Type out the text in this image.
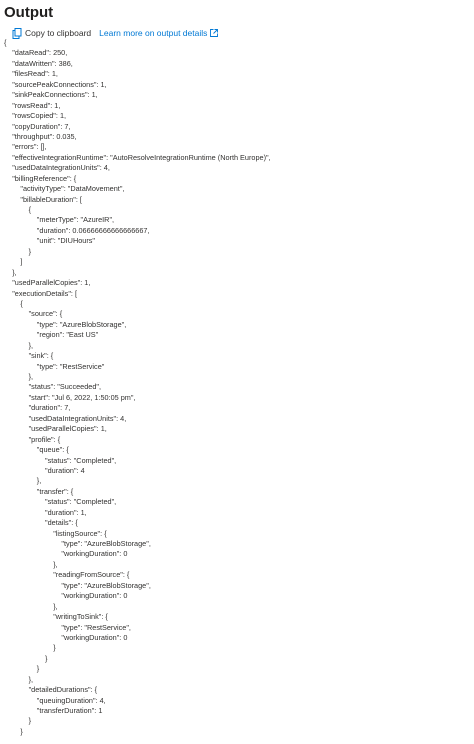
Output
Copy to clipboard Learn more on output details
{
"dataRead": 250,
"dataWritten": 386,
"filesRead": 1,
"sourcePeakConnections": 1,
"sinkPeakConnections": 1,
"rowsRead": 1,
"rowsCopied": 1,
"copyDuration": 7,
"throughput": 0.035,
"errors": [],
"effectiveIntegrationRuntime": "AutoResolveIntegrationRuntime (North Europe)",
"usedDataIntegrationUnits": 4,
"billingReference": {
"activityType": "DataMovement",
"billableDuration": [
{
"meterType": "AzureIR",
"duration": 0.06666666666666667,
"unit": "DIUHours"
}
]
},
"usedParallelCopies": 1,
"executionDetails": [
{
"source": {
"type": "AzureBlobStorage",
"region": "East US"
},
"sink": {
"type": "RestService"
},
"status": "Succeeded",
"start": "Jul 6, 2022, 1:50:05 pm",
"duration": 7,
"usedDataIntegrationUnits": 4,
"usedParallelCopies": 1,
"profile": {
"queue": {
"status": "Completed",
"duration": 4
},
"transfer": {
"status": "Completed",
"duration": 1,
"details": {
"listingSource": {
"type": "AzureBlobStorage",
"workingDuration": 0
},
"readingFromSource": {
"type": "AzureBlobStorage",
"workingDuration": 0
},
"writingToSink": {
"type": "RestService",
"workingDuration": 0
}
}
}
},
"detailedDurations": {
"queuingDuration": 4,
"transferDuration": 1
}
}
